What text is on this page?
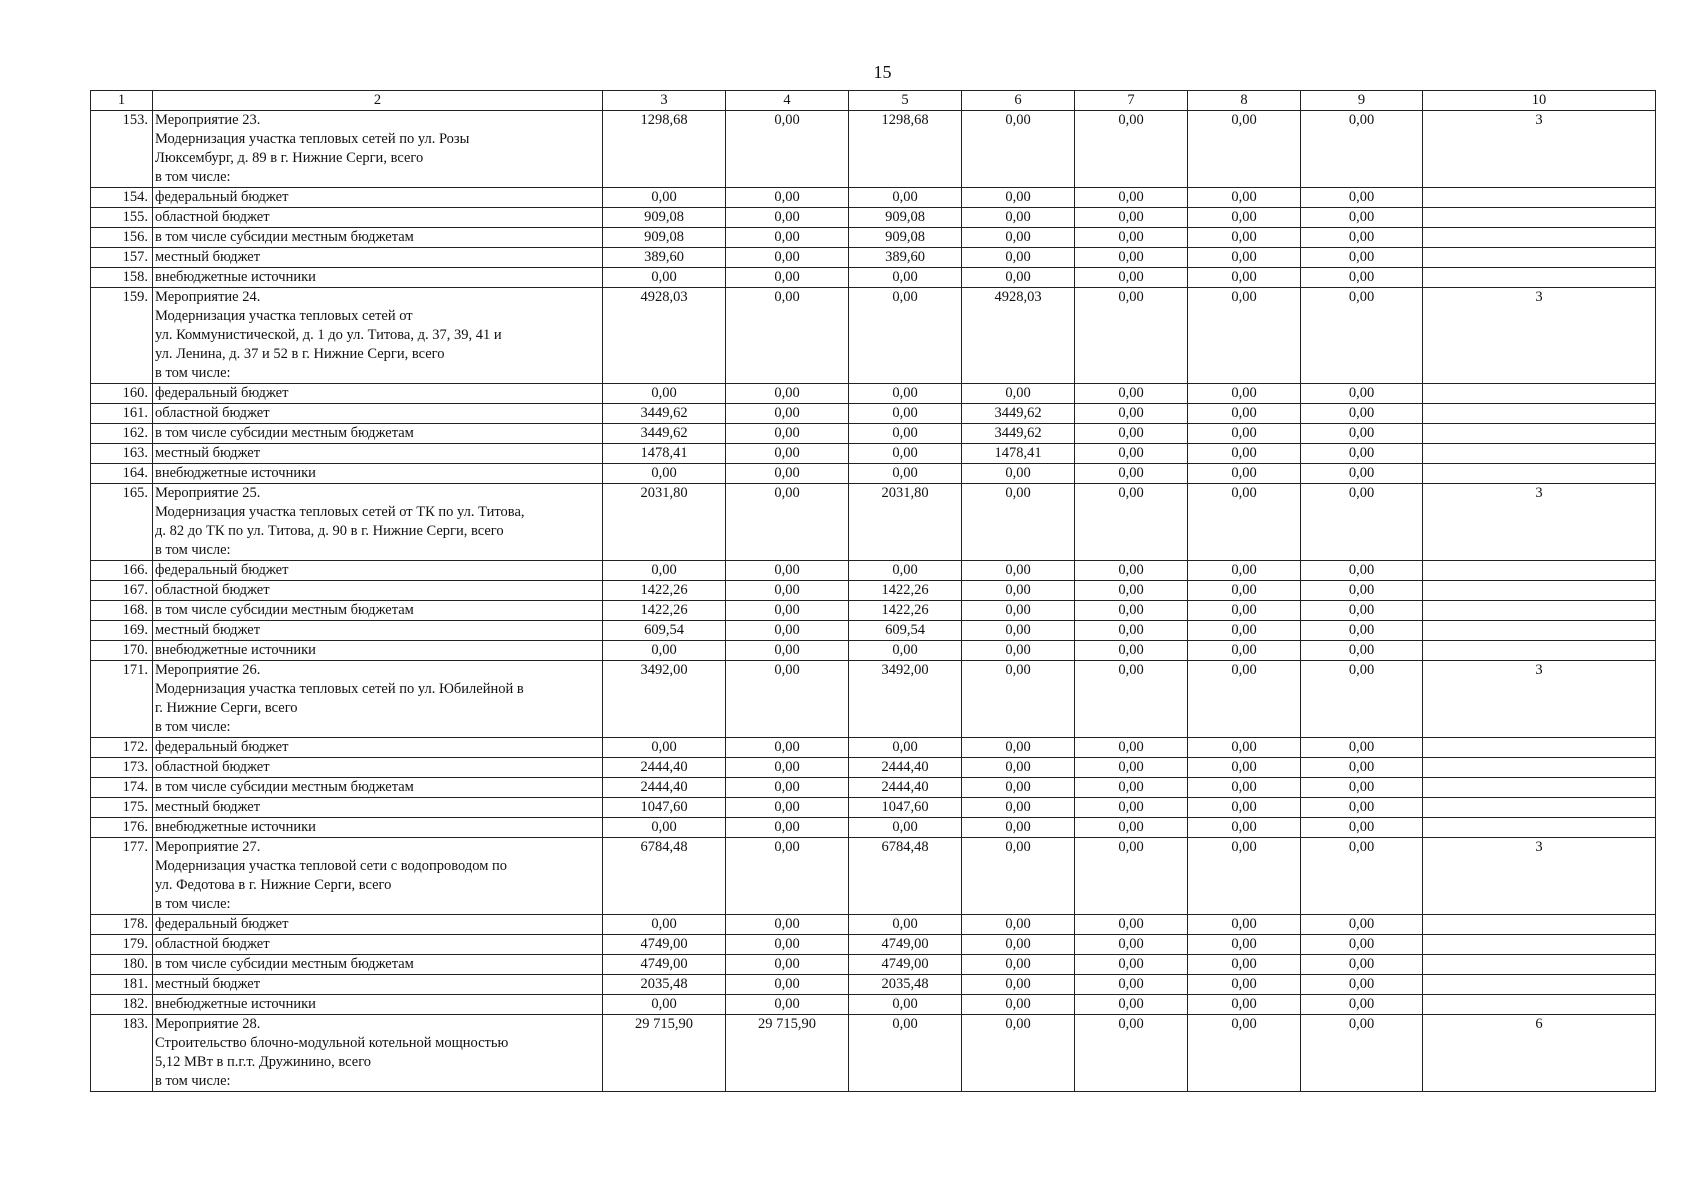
15
1	2	3	4	5	6	7	8	9	10
153.	Мероприятие 23.
Модернизация участка тепловых сетей по ул. Розы
Люксембург, д. 89 в г. Нижние Серги, всего
в том числе:	1298,68	0,00	1298,68	0,00	0,00	0,00	0,00	3
154.	федеральный бюджет	0,00	0,00	0,00	0,00	0,00	0,00	0,00	
155.	областной бюджет	909,08	0,00	909,08	0,00	0,00	0,00	0,00	
156.	в том числе субсидии местным бюджетам	909,08	0,00	909,08	0,00	0,00	0,00	0,00	
157.	местный бюджет	389,60	0,00	389,60	0,00	0,00	0,00	0,00	
158.	внебюджетные источники	0,00	0,00	0,00	0,00	0,00	0,00	0,00	
159.	Мероприятие 24.
Модернизация участка тепловых сетей от
ул. Коммунистической, д. 1 до ул. Титова, д. 37, 39, 41 и
ул. Ленина, д. 37 и 52 в г. Нижние Серги, всего
в том числе:	4928,03	0,00	0,00	4928,03	0,00	0,00	0,00	3
160.	федеральный бюджет	0,00	0,00	0,00	0,00	0,00	0,00	0,00	
161.	областной бюджет	3449,62	0,00	0,00	3449,62	0,00	0,00	0,00	
162.	в том числе субсидии местным бюджетам	3449,62	0,00	0,00	3449,62	0,00	0,00	0,00	
163.	местный бюджет	1478,41	0,00	0,00	1478,41	0,00	0,00	0,00	
164.	внебюджетные источники	0,00	0,00	0,00	0,00	0,00	0,00	0,00	
165.	Мероприятие 25.
Модернизация участка тепловых сетей от ТК по ул. Титова,
д. 82 до ТК по ул. Титова, д. 90 в г. Нижние Серги, всего
в том числе:	2031,80	0,00	2031,80	0,00	0,00	0,00	0,00	3
166.	федеральный бюджет	0,00	0,00	0,00	0,00	0,00	0,00	0,00	
167.	областной бюджет	1422,26	0,00	1422,26	0,00	0,00	0,00	0,00	
168.	в том числе субсидии местным бюджетам	1422,26	0,00	1422,26	0,00	0,00	0,00	0,00	
169.	местный бюджет	609,54	0,00	609,54	0,00	0,00	0,00	0,00	
170.	внебюджетные источники	0,00	0,00	0,00	0,00	0,00	0,00	0,00	
171.	Мероприятие 26.
Модернизация участка тепловых сетей по ул. Юбилейной в
г. Нижние Серги, всего
в том числе:	3492,00	0,00	3492,00	0,00	0,00	0,00	0,00	3
172.	федеральный бюджет	0,00	0,00	0,00	0,00	0,00	0,00	0,00	
173.	областной бюджет	2444,40	0,00	2444,40	0,00	0,00	0,00	0,00	
174.	в том числе субсидии местным бюджетам	2444,40	0,00	2444,40	0,00	0,00	0,00	0,00	
175.	местный бюджет	1047,60	0,00	1047,60	0,00	0,00	0,00	0,00	
176.	внебюджетные источники	0,00	0,00	0,00	0,00	0,00	0,00	0,00	
177.	Мероприятие 27.
Модернизация участка тепловой сети с водопроводом по
ул. Федотова в г. Нижние Серги, всего
в том числе:	6784,48	0,00	6784,48	0,00	0,00	0,00	0,00	3
178.	федеральный бюджет	0,00	0,00	0,00	0,00	0,00	0,00	0,00	
179.	областной бюджет	4749,00	0,00	4749,00	0,00	0,00	0,00	0,00	
180.	в том числе субсидии местным бюджетам	4749,00	0,00	4749,00	0,00	0,00	0,00	0,00	
181.	местный бюджет	2035,48	0,00	2035,48	0,00	0,00	0,00	0,00	
182.	внебюджетные источники	0,00	0,00	0,00	0,00	0,00	0,00	0,00	
183.	Мероприятие 28.
Строительство блочно-модульной котельной мощностью
5,12 МВт в п.г.т. Дружинино, всего
в том числе:	29 715,90	29 715,90	0,00	0,00	0,00	0,00	0,00	6
